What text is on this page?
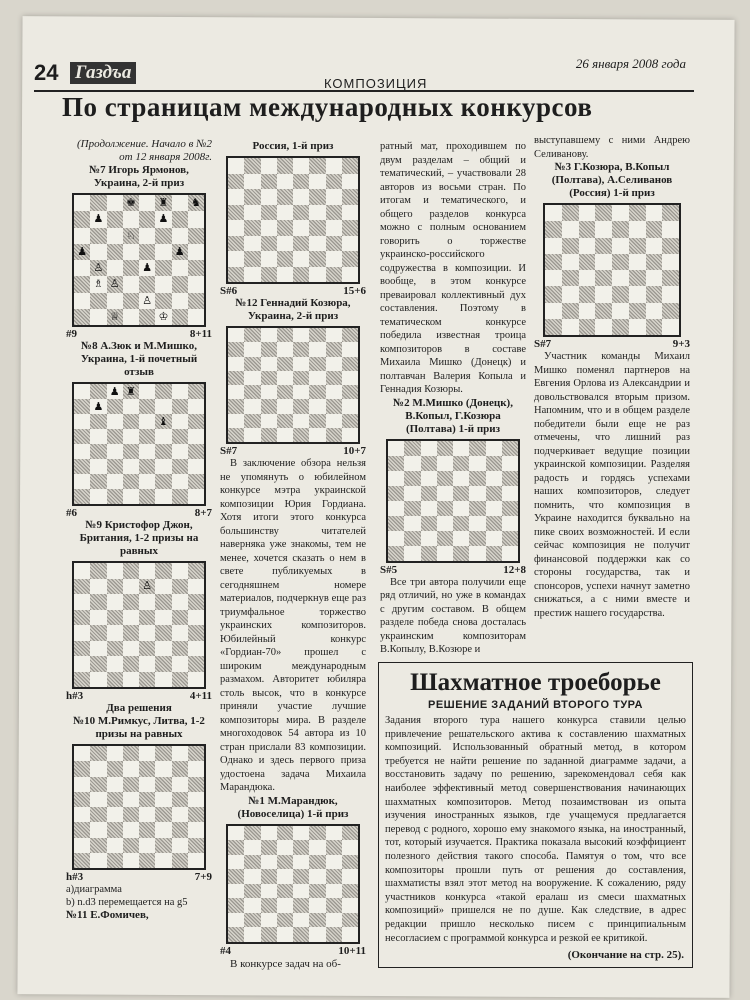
24 Газдъа
КОМПОЗИЦИЯ
26 января 2008 года
По страницам международных конкурсов
(Продолжение. Начало в №2 от 12 января 2008г.
№7 Игорь Ярмонов, Украина, 2-й приз
♚ ♜ ♞
♟	♟
♘
♟	♟
♙	♟
♗ ♙
♙
♕	♔
#9	8+11
№8 А.Зюк и М.Мишко, Украина, 1-й почетный отзыв
♟ ♜
♟
♝
#6	8+7
№9 Кристофор Джон, Британия, 1-2 призы на равных
♙
h#3	4+11
Два решения
№10 М.Римкус, Литва, 1-2 призы на равных
h#3	7+9
a)диаграмма
b) n.d3 перемещается на g5
№11 Е.Фомичев,
Россия, 1-й приз
S#6	15+6
№12 Геннадий Козюра, Украина, 2-й приз
S#7	10+7

В заключение обзора нельзя не упомянуть о юбилейном конкурсе мэтра украинской композиции Юрия Гордиана. Хотя итоги этого конкурса большинству читателей наверняка уже знакомы, тем не менее, хочется сказать о нем в свете публикуемых в сегодняшнем номере материалов, подчеркнув еще раз триумфальное торжество украинских композиторов. Юбилейный конкурс «Гордиан-70» прошел с широким международным размахом. Авторитет юбиляра столь высок, что в конкурсе приняли участие лучшие композиторы мира. В разделе многоходовок 54 автора из 10 стран прислали 83 композиции. Однако и здесь первого приза удостоена задача Михаила Марандюка.

№1 М.Марандюк, (Новоселица) 1-й приз
#4	10+11

В конкурсе задач на об-

ратный мат, проходившем по двум разделам – общий и тематический, – участвовали 28 авторов из восьми стран. По итогам и тематического, и общего разделов конкурса можно с полным основанием говорить о торжестве украинско-российского содружества в композиции. И вообще, в этом конкурсе преваировал коллективный дух составления. Поэтому в тематическом конкурсе победила известная троица композиторов в составе Михаила Мишко (Донецк) и полтавчан Валерия Копыла и Геннадия Козюры.

№2 М.Мишко (Донецк), В.Копыл, Г.Козюра (Полтава) 1-й приз
S#5	12+8

Все три автора получили еще ряд отличий, но уже в командах с другим составом. В общем разделе победа снова досталась украинским композиторам В.Копылу, В.Козюре и

выступавшему с ними Андрею Селиванову.

№3 Г.Козюра, В.Копыл (Полтава), А.Селиванов (Россия) 1-й приз
S#7	9+3

Участник команды Михаил Мишко поменял партнеров на Евгения Орлова из Александрии и довольствовался вторым призом. Напомним, что и в общем разделе победители были еще не раз отмечены, что лишний раз подчеркивает ведущие позиции украинской композиции. Разделяя радость и гордясь успехами наших композиторов, следует помнить, что композиция в Украине находится буквально на пике своих возможностей. И если сейчас композиция не получит финансовой поддержки как со стороны государства, так и спонсоров, успехи начнут заметно снижаться, а с ними вместе и престиж нашего государства.

Шахматное троеборье
РЕШЕНИЕ ЗАДАНИЙ ВТОРОГО ТУРА
Задания второго тура нашего конкурса ставили целью привлечение решательского актива к составлению шахматных композиций. Использованный обратный метод, в котором требуется не найти решение по заданной диаграмме задачи, а восстановить задачу по решению, зарекомендовал себя как наиболее эффективный метод совершенствования начинающих шахматных композиторов. Метод позаимствован из опыта изучения иностранных языков, где учащемуся предлагается перевод с родного, хорошо ему знакомого языка, на иностранный, тот, который изучается. Практика показала высокий коэффициент полезного действия такого способа. Памятуя о том, что все композиторы прошли путь от решения до составления, шахматисты взял этот метод на вооружение. К сожалению, ряду участников конкурса «такой ералаш из смеси шахматных композиций» пришелся не по душе. Как следствие, в адрес редакции пришло несколько писем с принципиальным несогласием с программой конкурса и резкой ее критикой.
(Окончание на стр. 25).
